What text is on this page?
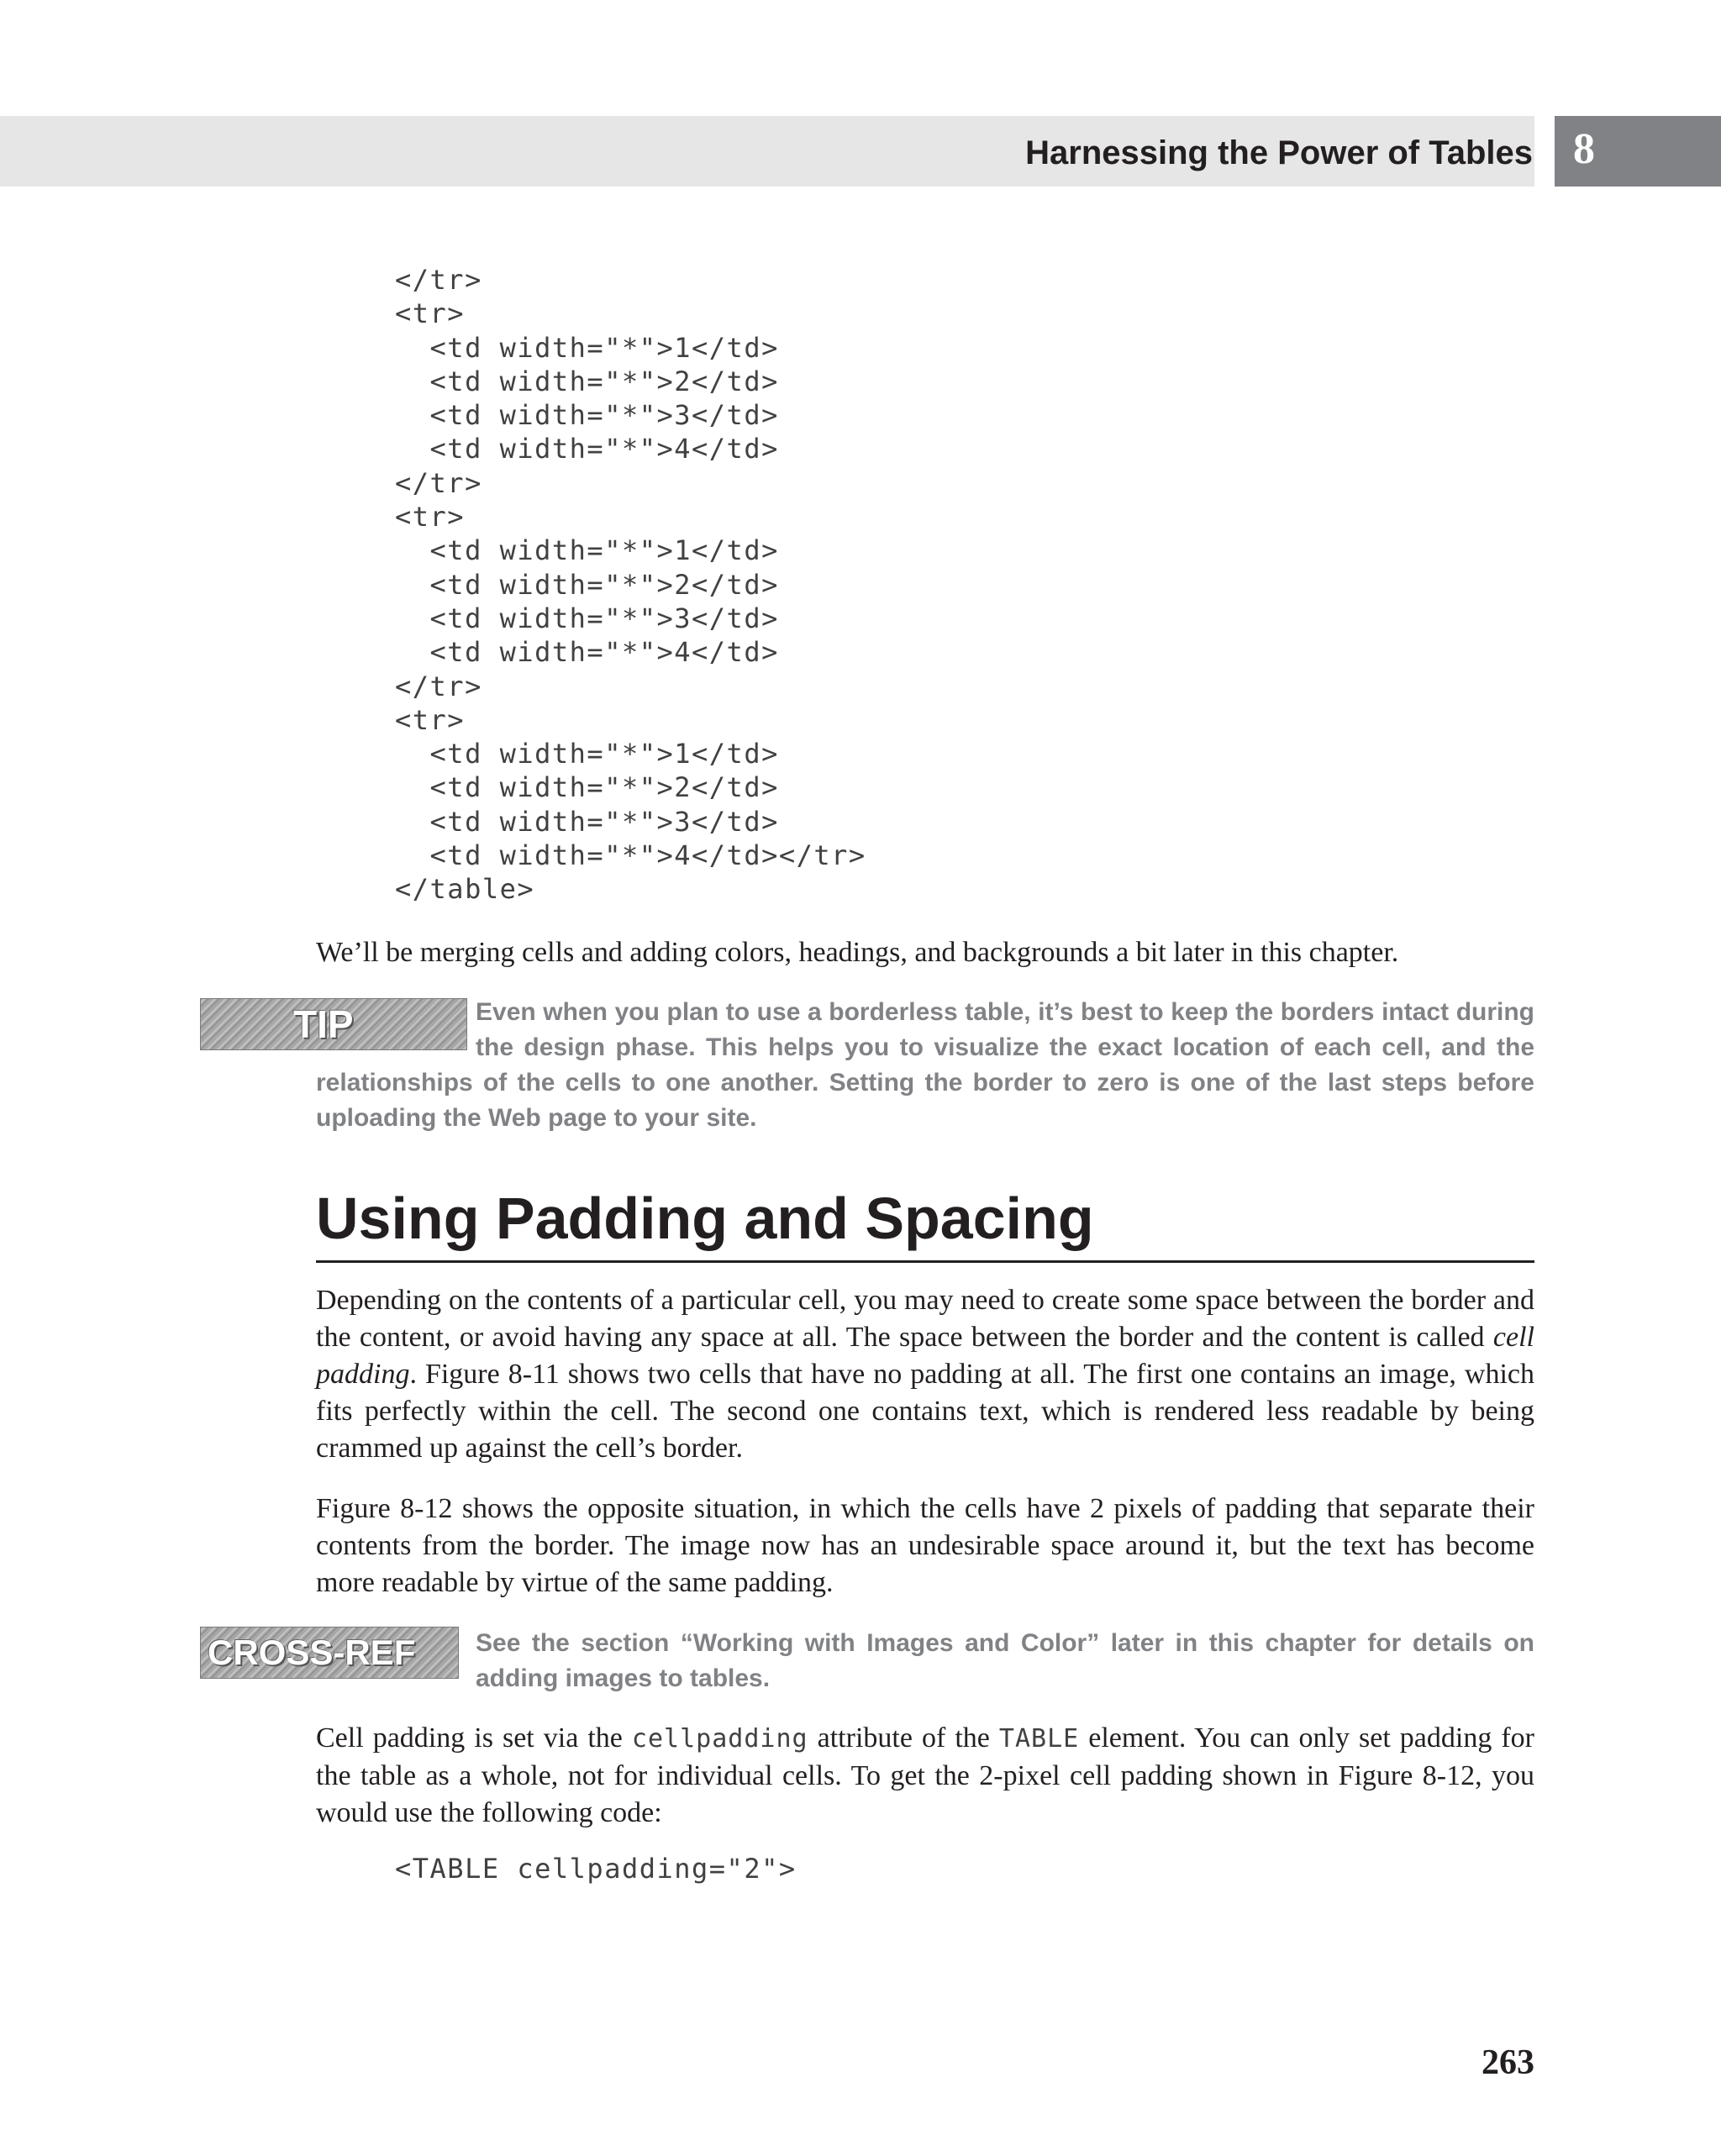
Harnessing the Power of Tables 8
</tr>
<tr>
<td width="*">1</td>
<td width="*">2</td>
<td width="*">3</td>
<td width="*">4</td>
</tr>
<tr>
<td width="*">1</td>
<td width="*">2</td>
<td width="*">3</td>
<td width="*">4</td>
</tr>
<tr>
<td width="*">1</td>
<td width="*">2</td>
<td width="*">3</td>
<td width="*">4</td></tr>
</table>

We’ll be merging cells and adding colors, headings, and backgrounds a bit later in this chapter.

TIP	Even when you plan to use a borderless table, it’s best to keep the borders intact during the design phase. This helps you to visualize the exact location of each cell, and the relationships of the cells to one another. Setting the border to zero is one of the last steps before uploading the Web page to your site.

Using Padding and Spacing

Depending on the contents of a particular cell, you may need to create some space between the border and the content, or avoid having any space at all. The space between the border and the content is called cell padding. Figure 8-11 shows two cells that have no padding at all. The first one contains an image, which fits perfectly within the cell. The second one contains text, which is rendered less readable by being crammed up against the cell’s border.

Figure 8-12 shows the opposite situation, in which the cells have 2 pixels of padding that separate their contents from the border. The image now has an undesirable space around it, but the text has become more readable by virtue of the same padding.

CROSS-REF	See the section “Working with Images and Color” later in this chapter for details on adding images to tables.

Cell padding is set via the cellpadding attribute of the TABLE element. You can only set padding for the table as a whole, not for individual cells. To get the 2-pixel cell padding shown in Figure 8-12, you would use the following code:

<TABLE cellpadding="2">
263
